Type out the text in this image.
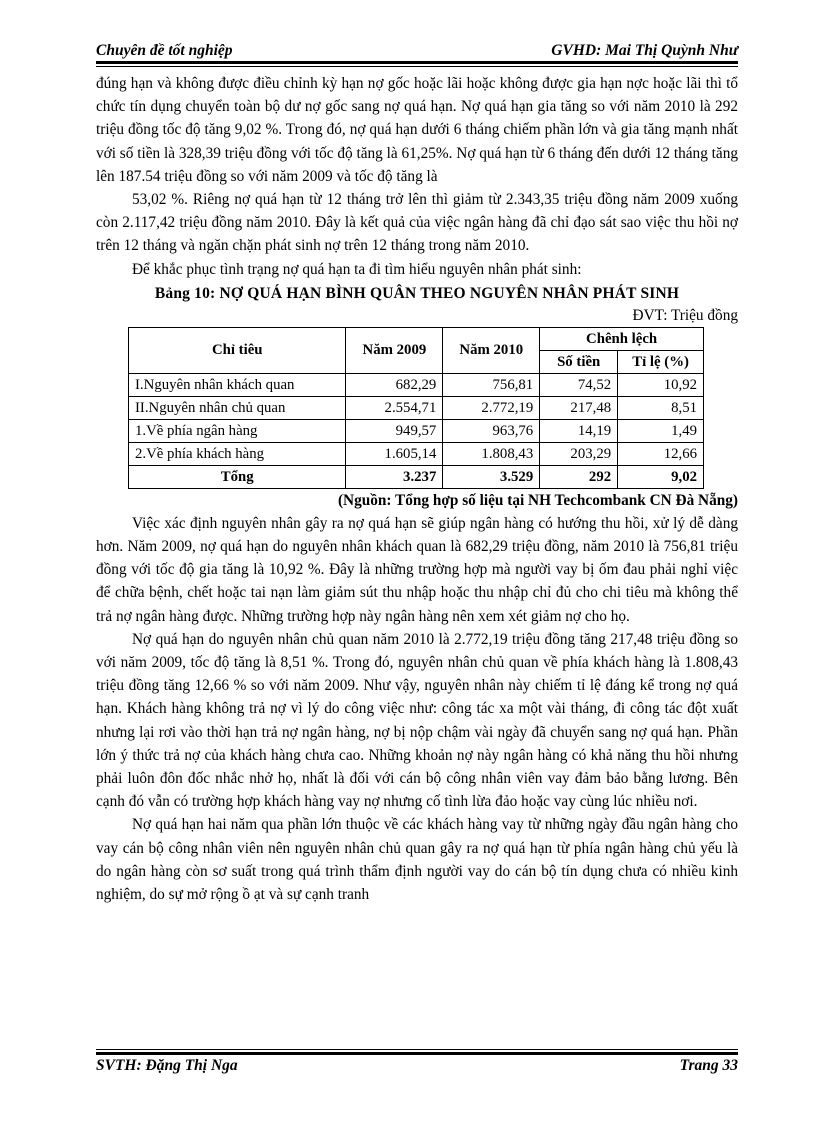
Chuyên đề tốt nghiệp	GVHD: Mai Thị Quỳnh Như

đúng hạn và không được điều chỉnh kỳ hạn nợ gốc hoặc lãi hoặc không được gia hạn nợc hoặc lãi thì tổ chức tín dụng chuyển toàn bộ dư nợ gốc sang nợ quá hạn. Nợ quá hạn gia tăng so với năm 2010 là 292 triệu đồng tốc độ tăng 9,02 %. Trong đó, nợ quá hạn dưới 6 tháng chiếm phần lớn và gia tăng mạnh nhất với số tiền là 328,39 triệu đồng với tốc độ tăng là 61,25%. Nợ quá hạn từ 6 tháng đến dưới 12 tháng tăng lên 187.54 triệu đồng so với năm 2009 và tốc độ tăng là

53,02 %. Riêng nợ quá hạn từ 12 tháng trở lên thì giảm từ 2.343,35 triệu đồng năm 2009 xuống còn 2.117,42 triệu đồng năm 2010. Đây là kết quả của việc ngân hàng đã chỉ đạo sát sao việc thu hồi nợ trên 12 tháng và ngăn chặn phát sinh nợ trên 12 tháng trong năm 2010.

Để khắc phục tình trạng nợ quá hạn ta đi tìm hiểu nguyên nhân phát sinh:

Bảng 10: NỢ QUÁ HẠN BÌNH QUÂN THEO NGUYÊN NHÂN PHÁT SINH
ĐVT: Triệu đồng
Chỉ tiêu	Năm 2009	Năm 2010	Chênh lệch	
			Số tiền	Tỉ lệ (%)
I.Nguyên nhân khách quan	682,29	756,81	74,52	10,92
II.Nguyên nhân chủ quan	2.554,71	2.772,19	217,48	8,51
1.Về phía ngân hàng	949,57	963,76	14,19	1,49
2.Về phía khách hàng	1.605,14	1.808,43	203,29	12,66
Tổng	3.237	3.529	292	9,02
(Nguồn: Tổng hợp số liệu tại NH Techcombank CN Đà Nẵng)

Việc xác định nguyên nhân gây ra nợ quá hạn sẽ giúp ngân hàng có hướng thu hồi, xử lý dễ dàng hơn. Năm 2009, nợ quá hạn do nguyên nhân khách quan là 682,29 triệu đồng, năm 2010 là 756,81 triệu đồng với tốc độ gia tăng là 10,92 %. Đây là những trường hợp mà người vay bị ốm đau phải nghỉ việc để chữa bệnh, chết hoặc tai nạn làm giảm sút thu nhập hoặc thu nhập chỉ đủ cho chi tiêu mà không thể trả nợ ngân hàng được. Những trường hợp này ngân hàng nên xem xét giảm nợ cho họ.

Nợ quá hạn do nguyên nhân chủ quan năm 2010 là 2.772,19 triệu đồng tăng 217,48 triệu đồng so với năm 2009, tốc độ tăng là 8,51 %. Trong đó, nguyên nhân chủ quan về phía khách hàng là 1.808,43 triệu đồng tăng 12,66 % so với năm 2009. Như vậy, nguyên nhân này chiếm tỉ lệ đáng kể trong nợ quá hạn. Khách hàng không trả nợ vì lý do công việc như: công tác xa một vài tháng, đi công tác đột xuất nhưng lại rơi vào thời hạn trả nợ ngân hàng, nợ bị nộp chậm vài ngày đã chuyển sang nợ quá hạn. Phần lớn ý thức trả nợ của khách hàng chưa cao. Những khoản nợ này ngân hàng có khả năng thu hồi nhưng phải luôn đôn đốc nhắc nhở họ, nhất là đối với cán bộ công nhân viên vay đảm bảo bằng lương. Bên cạnh đó vẫn có trường hợp khách hàng vay nợ nhưng cố tình lừa đảo hoặc vay cùng lúc nhiều nơi.

Nợ quá hạn hai năm qua phần lớn thuộc về các khách hàng vay từ những ngày đầu ngân hàng cho vay cán bộ công nhân viên nên nguyên nhân chủ quan gây ra nợ quá hạn từ phía ngân hàng chủ yếu là do ngân hàng còn sơ suất trong quá trình thẩm định người vay do cán bộ tín dụng chưa có nhiều kinh nghiệm, do sự mở rộng ồ ạt và sự cạnh tranh

SVTH: Đặng Thị Nga	Trang 33
